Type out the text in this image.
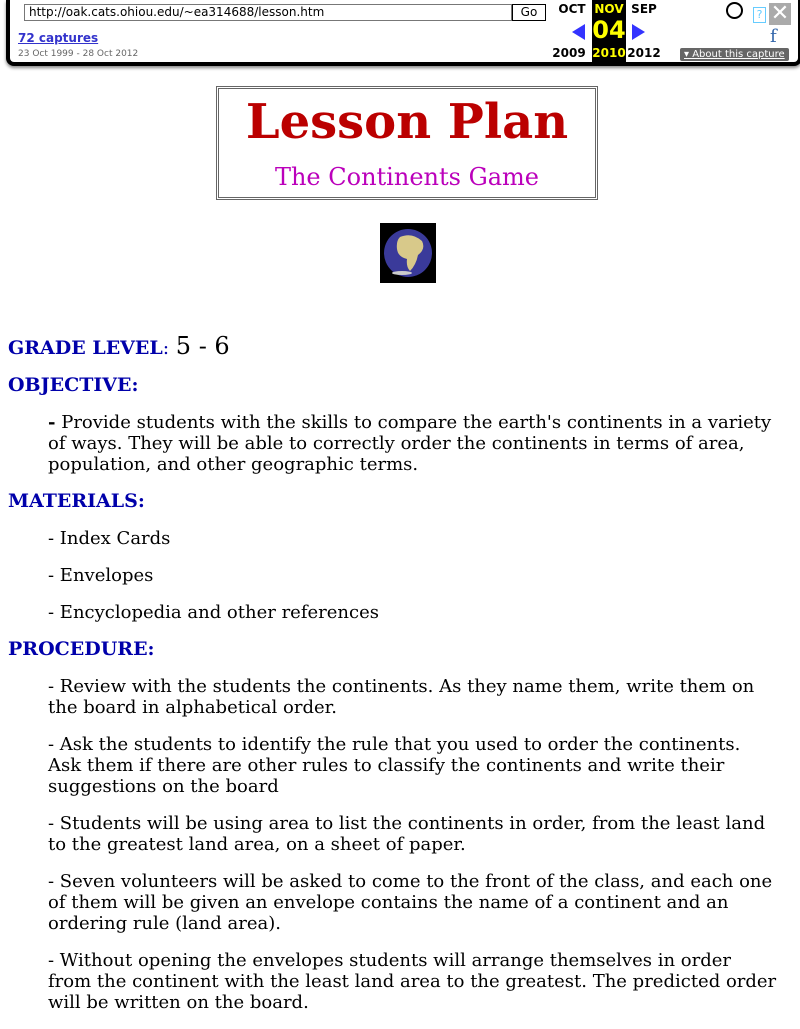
http://oak.cats.ohiou.edu/~ea314688/lesson.htm	Go
72 captures
23 Oct 1999 - 28 Oct 2012
OCT NOV
04
SEP
2009 2010 2012	▾ About this capture
? ✕
f
Lesson Plan
The Continents Game
GRADE LEVEL: 5 - 6
OBJECTIVE:

- Provide students with the skills to compare the earth's continents in a variety of ways. They will be able to correctly order the continents in terms of area, population, and other geographic terms.

MATERIALS:

- Index Cards

- Envelopes

- Encyclopedia and other references

PROCEDURE:

- Review with the students the continents. As they name them, write them on the board in alphabetical order.

- Ask the students to identify the rule that you used to order the continents. Ask them if there are other rules to classify the continents and write their suggestions on the board

- Students will be using area to list the continents in order, from the least land to the greatest land area, on a sheet of paper.

- Seven volunteers will be asked to come to the front of the class, and each one of them will be given an envelope contains the name of a continent and an ordering rule (land area).

- Without opening the envelopes students will arrange themselves in order from the continent with the least land area to the greatest. The predicted order will be written on the board.
